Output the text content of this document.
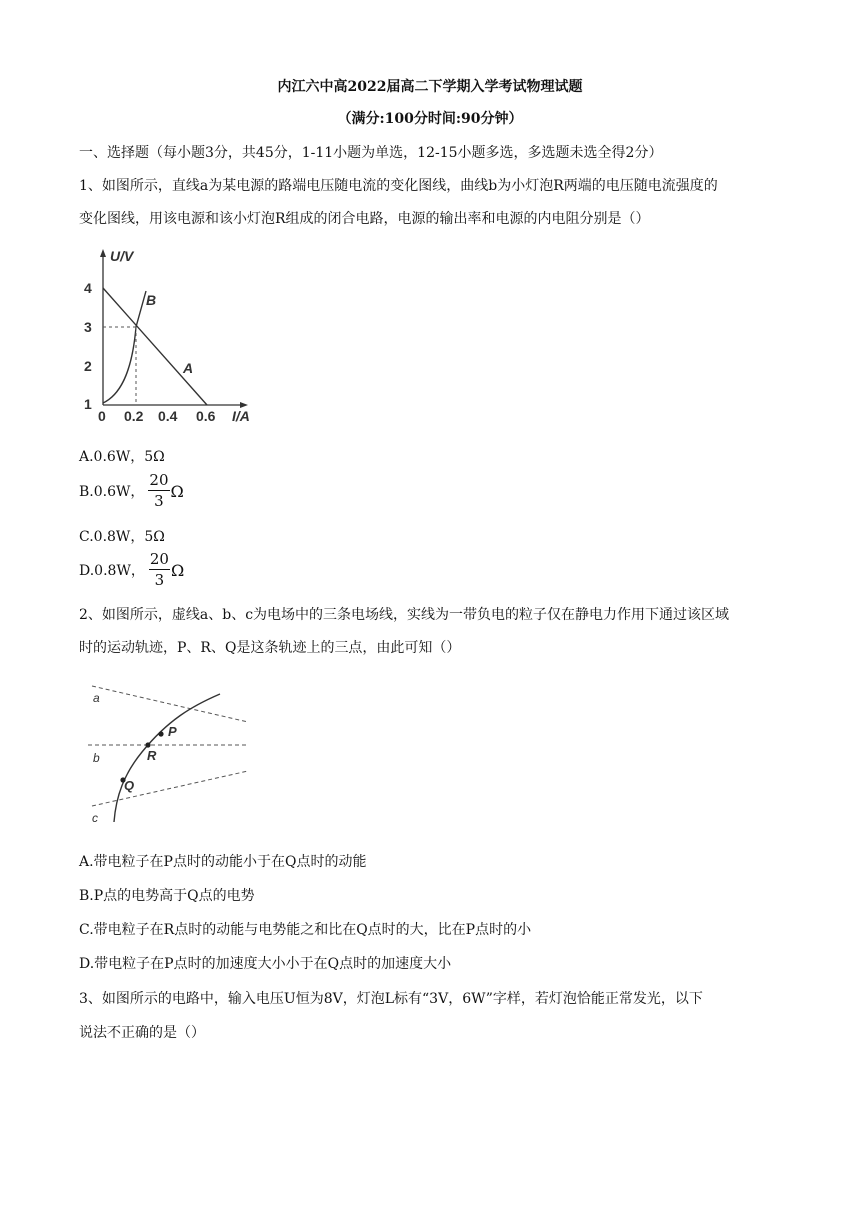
内江六中高2022届高二下学期入学考试物理试题
（满分:100分时间:90分钟）
一、选择题（每小题3分，共45分，1-11小题为单选，12-15小题多选，多选题未选全得2分）
1、如图所示，直线a为某电源的路端电压随电流的变化图线，曲线b为小灯泡R两端的电压随电流强度的
变化图线，用该电源和该小灯泡R组成的闭合电路，电源的输出率和电源的内电阻分别是（）
U/V
I/A
4
3
2
1
0 0.2 0.4 0.6
B
A
A.0.6W，5Ω
B.0.6W， $\frac{20}{3}$ Ω
C.0.8W，5Ω
D.0.8W， $\frac{20}{3}$ Ω
2、如图所示，虚线a、b、c为电场中的三条电场线，实线为一带负电的粒子仅在静电力作用下通过该区域
时的运动轨迹，P、R、Q是这条轨迹上的三点，由此可知（）
a
b
c
P
R
Q
A.带电粒子在P点时的动能小于在Q点时的动能
B.P点的电势高于Q点的电势
C.带电粒子在R点时的动能与电势能之和比在Q点时的大，比在P点时的小
D.带电粒子在P点时的加速度大小小于在Q点时的加速度大小
3、如图所示的电路中，输入电压U恒为8V，灯泡L标有“3V，6W”字样，若灯泡恰能正常发光，以下
说法不正确的是（）
